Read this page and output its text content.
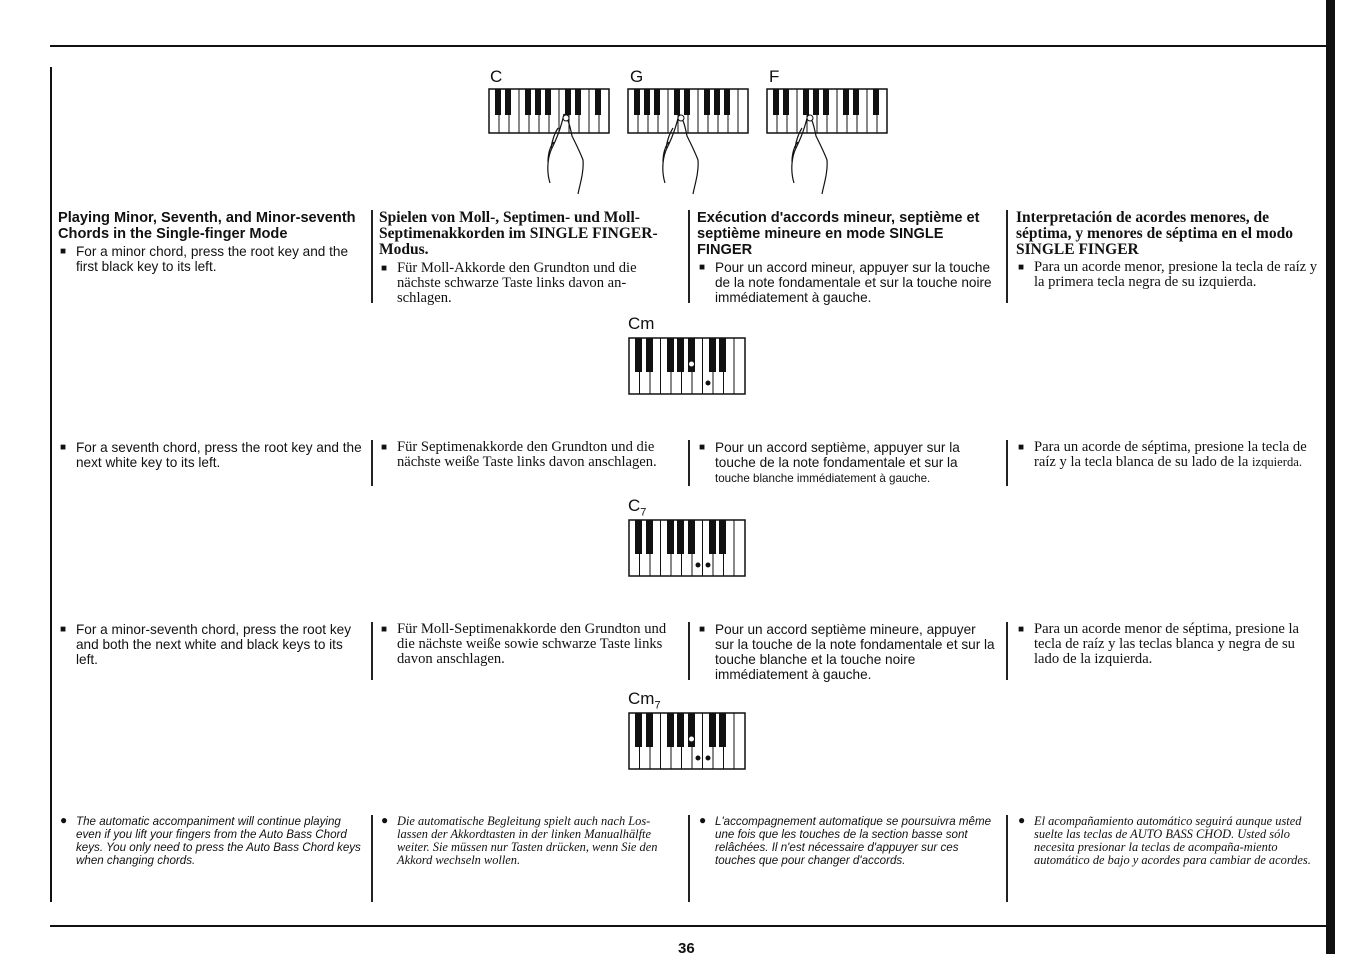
C	G	F

Playing Minor, Seventh, and Minor-seventh Chords in the Single-finger Mode

■ For a minor chord, press the root key and the first black key to its left.

■ For a seventh chord, press the root key and the next white key to its left.

■ For a minor-seventh chord, press the root key and both the next white and black keys to its left.

● The automatic accompaniment will continue playing even if you lift your fingers from the Auto Bass Chord keys. You only need to press the Auto Bass Chord keys when changing chords.

Spielen von Moll-, Septimen- und Moll-Septimenakkorden im SINGLE FINGER-Modus.

■ Für Moll-Akkorde den Grundton und die nächste schwarze Taste links davon an-schlagen.

■ Für Septimenakkorde den Grundton und die nächste weiße Taste links davon anschlagen.

■ Für Moll-Septimenakkorde den Grundton und die nächste weiße sowie schwarze Taste links davon anschlagen.

● Die automatische Begleitung spielt auch nach Los-lassen der Akkordtasten in der linken Manualhälfte weiter. Sie müssen nur Tasten drücken, wenn Sie den Akkord wechseln wollen.

Exécution d'accords mineur, septième et septième mineure en mode SINGLE FINGER

■ Pour un accord mineur, appuyer sur la touche de la note fondamentale et sur la touche noire immédiatement à gauche.

■ Pour un accord septième, appuyer sur la touche de la note fondamentale et sur la touche blanche immédiatement à gauche.

■ Pour un accord septième mineure, appuyer sur la touche de la note fondamentale et sur la touche blanche et la touche noire immédiatement à gauche.

● L'accompagnement automatique se poursuivra même une fois que les touches de la section basse sont relâchées. Il n'est nécessaire d'appuyer sur ces touches que pour changer d'accords.

Interpretación de acordes menores, de séptima, y menores de séptima en el modo SINGLE FINGER

■ Para un acorde menor, presione la tecla de raíz y la primera tecla negra de su izquierda.

■ Para un acorde de séptima, presione la tecla de raíz y la tecla blanca de su lado de la izquierda.

■ Para un acorde menor de séptima, presione la tecla de raíz y las teclas blanca y negra de su lado de la izquierda.

● El acompañamiento automático seguirá aunque usted suelte las teclas de AUTO BASS CHOD. Usted sólo necesita presionar la teclas de acompaña-miento automático de bajo y acordes para cambiar de acordes.

Cm
$C_7$
$Cm_7$
36
